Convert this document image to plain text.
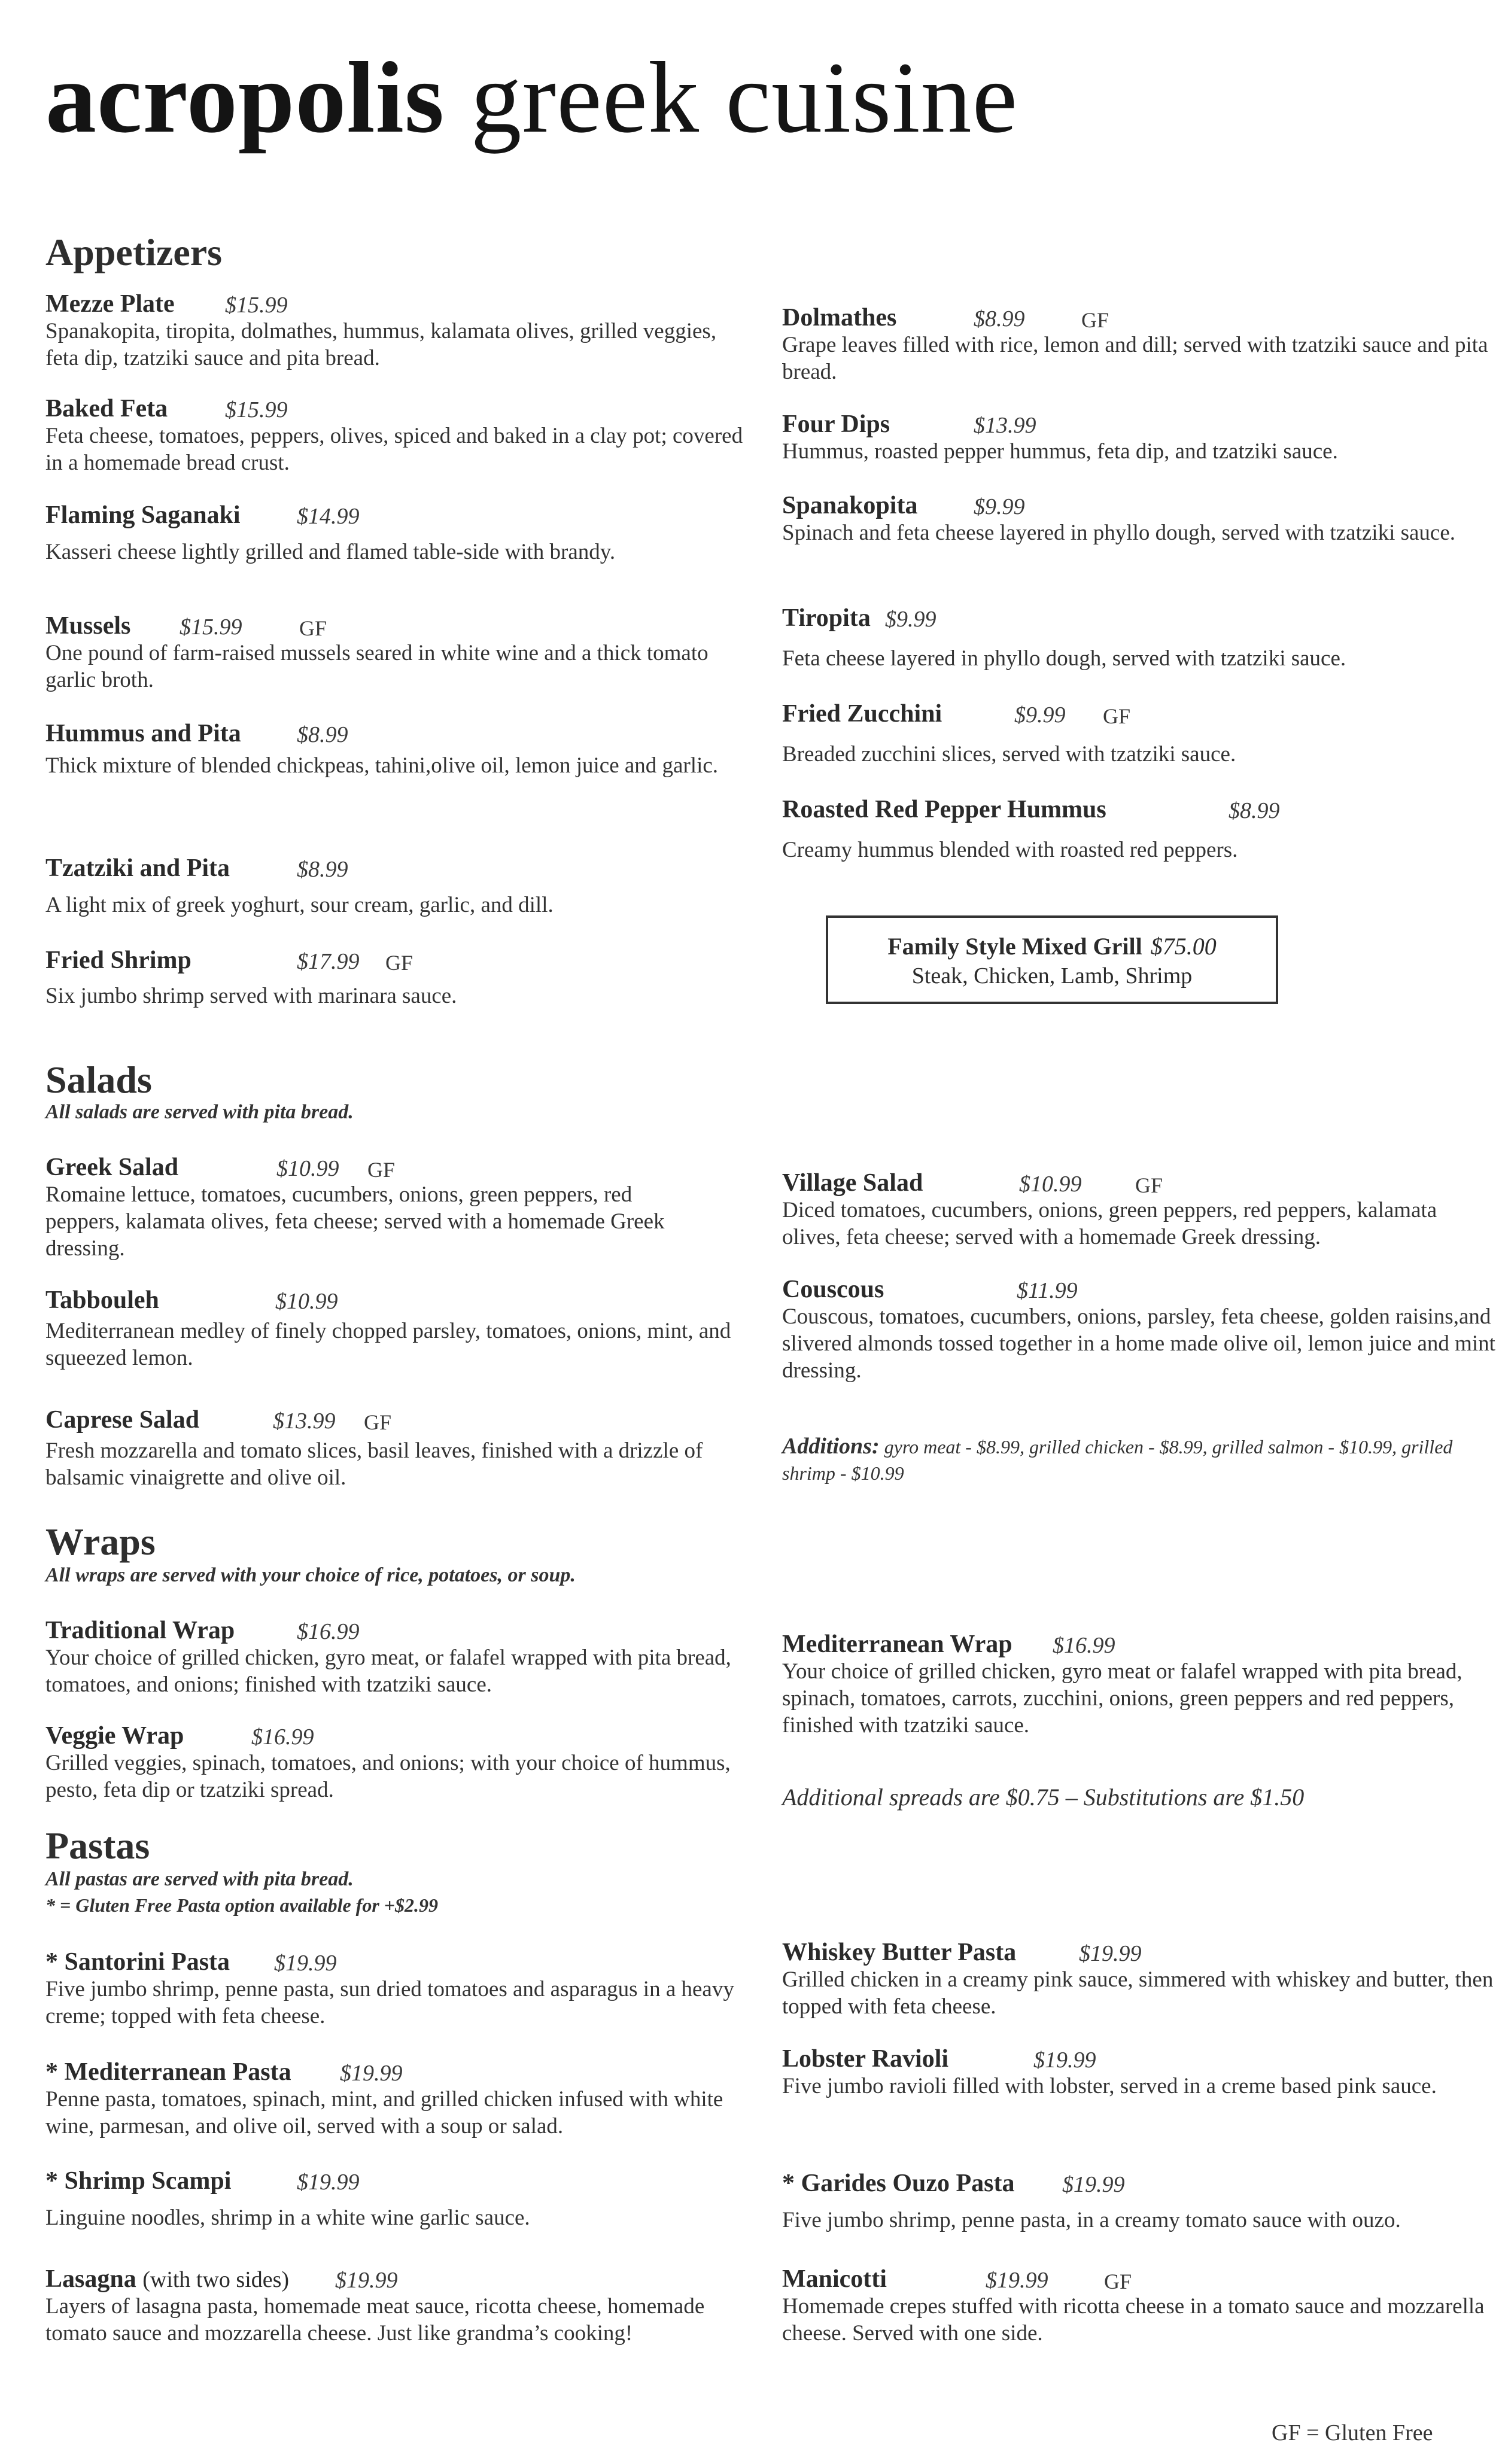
acropolis greek cuisine
Appetizers
Mezze Plate $15.99
Spanakopita, tiropita, dolmathes, hummus, kalamata olives, grilled veggies, feta dip, tzatziki sauce and pita bread.
Baked Feta	$15.99
Feta cheese, tomatoes, peppers, olives, spiced and baked in a clay pot; covered in a homemade bread crust.
Flaming Saganaki $14.99
Kasseri cheese lightly grilled and flamed table-side with brandy.
Mussels $15.99	GF
One pound of farm-raised mussels seared in white wine and a thick tomato garlic broth.
Hummus and Pita $8.99
Thick mixture of blended chickpeas, tahini,olive oil, lemon juice and garlic.
Tzatziki and Pita	$8.99
A light mix of greek yoghurt, sour cream, garlic, and dill.
Fried Shrimp	$17.99 GF
Six jumbo shrimp served with marinara sauce.
Dolmathes	$8.99	GF
Grape leaves filled with rice, lemon and dill; served with tzatziki sauce and pita bread.
Four Dips	$13.99
Hummus, roasted pepper hummus, feta dip, and tzatziki sauce.
Spanakopita $9.99
Spinach and feta cheese layered in phyllo dough, served with tzatziki sauce.
Tiropita $9.99
Feta cheese layered in phyllo dough, served with tzatziki sauce.
Fried Zucchini	$9.99 GF
Breaded zucchini slices, served with tzatziki sauce.
Roasted Red Pepper Hummus	$8.99
Creamy hummus blended with roasted red peppers.
Family Style Mixed Grill $75.00
Steak, Chicken, Lamb, Shrimp
Salads
All salads are served with pita bread.
Greek Salad	$10.99 GF
Romaine lettuce, tomatoes, cucumbers, onions, green peppers, red peppers, kalamata olives, feta cheese; served with a homemade Greek dressing.
Tabbouleh	$10.99
Mediterranean medley of finely chopped parsley, tomatoes, onions, mint, and squeezed lemon.
Caprese Salad	$13.99 GF
Fresh mozzarella and tomato slices, basil leaves, finished with a drizzle of balsamic vinaigrette and olive oil.
Village Salad	$10.99 GF
Diced tomatoes, cucumbers, onions, green peppers, red peppers, kalamata olives, feta cheese; served with a homemade Greek dressing.
Couscous	$11.99
Couscous, tomatoes, cucumbers, onions, parsley, feta cheese, golden raisins,and slivered almonds tossed together in a home made olive oil, lemon juice and mint dressing.
Additions: gyro meat - $8.99, grilled chicken - $8.99, grilled salmon - $10.99, grilled shrimp - $10.99
Wraps
All wraps are served with your choice of rice, potatoes, or soup.
Traditional Wrap	$16.99
Your choice of grilled chicken, gyro meat, or falafel wrapped with pita bread, tomatoes, and onions; finished with tzatziki sauce.
Veggie Wrap	$16.99
Grilled veggies, spinach, tomatoes, and onions; with your choice of hummus, pesto, feta dip or tzatziki spread.
Mediterranean Wrap $16.99
Your choice of grilled chicken, gyro meat or falafel wrapped with pita bread, spinach, tomatoes, carrots, zucchini, onions, green peppers and red peppers, finished with tzatziki sauce.
Additional spreads are $0.75 – Substitutions are $1.50
Pastas
All pastas are served with pita bread.
* = Gluten Free Pasta option available for +$2.99
* Santorini Pasta $19.99
Five jumbo shrimp, penne pasta, sun dried tomatoes and asparagus in a heavy creme; topped with feta cheese.
* Mediterranean Pasta $19.99
Penne pasta, tomatoes, spinach, mint, and grilled chicken infused with white wine, parmesan, and olive oil, served with a soup or salad.
* Shrimp Scampi	$19.99
Linguine noodles, shrimp in a white wine garlic sauce.
Lasagna (with two sides) $19.99
Layers of lasagna pasta, homemade meat sauce, ricotta cheese, homemade tomato sauce and mozzarella cheese. Just like grandma’s cooking!
Whiskey Butter Pasta	$19.99
Grilled chicken in a creamy pink sauce, simmered with whiskey and butter, then topped with feta cheese.
Lobster Ravioli	$19.99
Five jumbo ravioli filled with lobster, served in a creme based pink sauce.
* Garides Ouzo Pasta $19.99
Five jumbo shrimp, penne pasta, in a creamy tomato sauce with ouzo.
Manicotti	$19.99	GF
Homemade crepes stuffed with ricotta cheese in a tomato sauce and mozzarella cheese. Served with one side.
GF = Gluten Free
